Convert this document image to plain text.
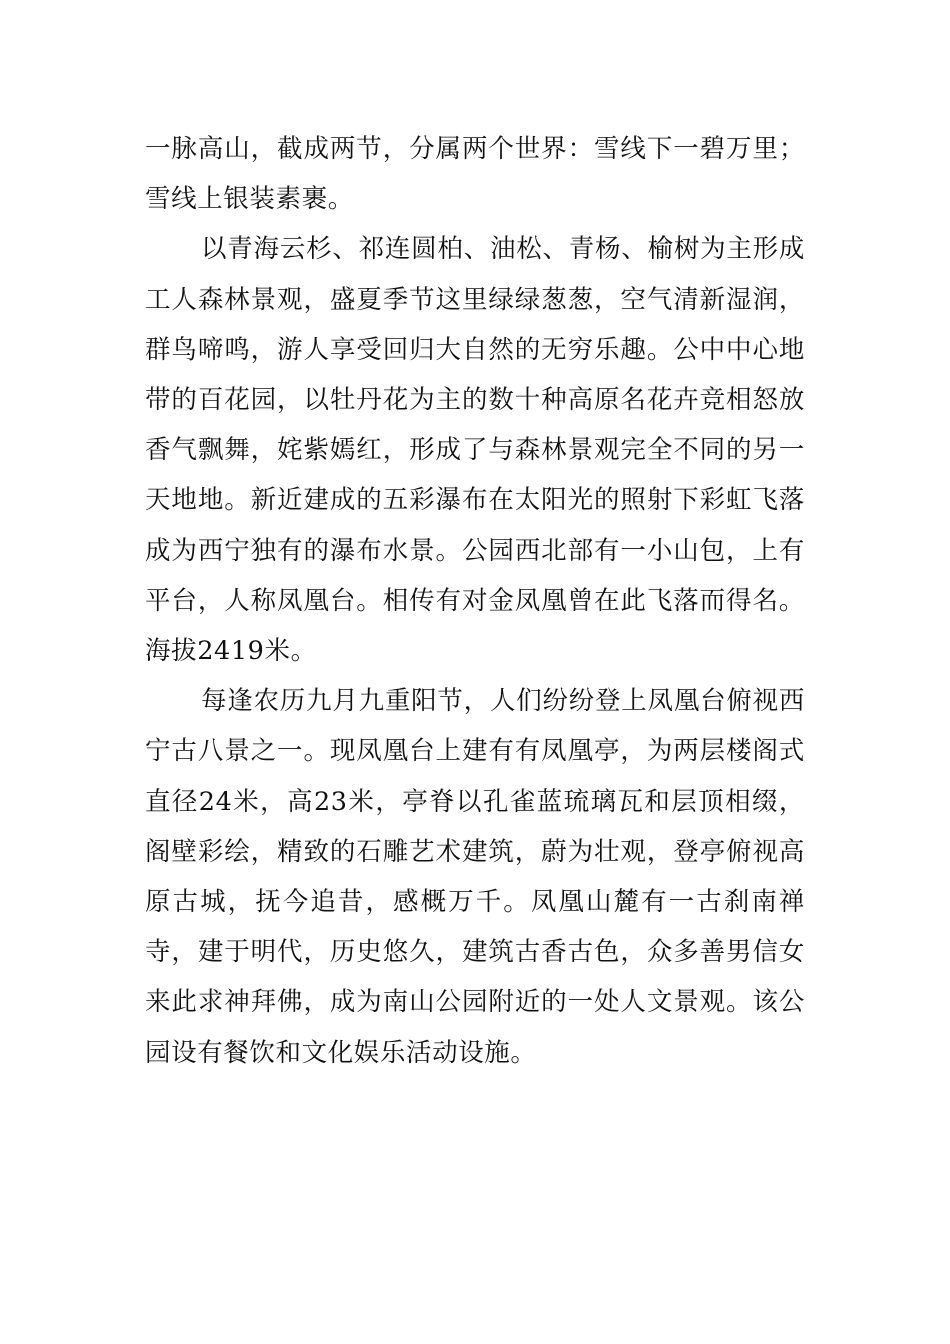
一脉高山，截成两节，分属两个世界：雪线下一碧万里；雪线上银装素裹。

以青海云杉、祁连圆柏、油松、青杨、榆树为主形成工人森林景观，盛夏季节这里绿绿葱葱，空气清新湿润，群鸟啼鸣，游人享受回归大自然的无穷乐趣。公中中心地带的百花园，以牡丹花为主的数十种高原名花卉竞相怒放香气飘舞，姹紫嫣红，形成了与森林景观完全不同的另一天地地。新近建成的五彩瀑布在太阳光的照射下彩虹飞落成为西宁独有的瀑布水景。公园西北部有一小山包，上有平台，人称凤凰台。相传有对金凤凰曾在此飞落而得名。海拔2419米。

每逢农历九月九重阳节，人们纷纷登上凤凰台俯视西宁古八景之一。现凤凰台上建有有凤凰亭，为两层楼阁式直径24米，高23米，亭脊以孔雀蓝琉璃瓦和层顶相缀，阁壁彩绘，精致的石雕艺术建筑，蔚为壮观，登亭俯视高原古城，抚今追昔，感概万千。凤凰山麓有一古刹南禅寺，建于明代，历史悠久，建筑古香古色，众多善男信女来此求神拜佛，成为南山公园附近的一处人文景观。该公园设有餐饮和文化娱乐活动设施。
